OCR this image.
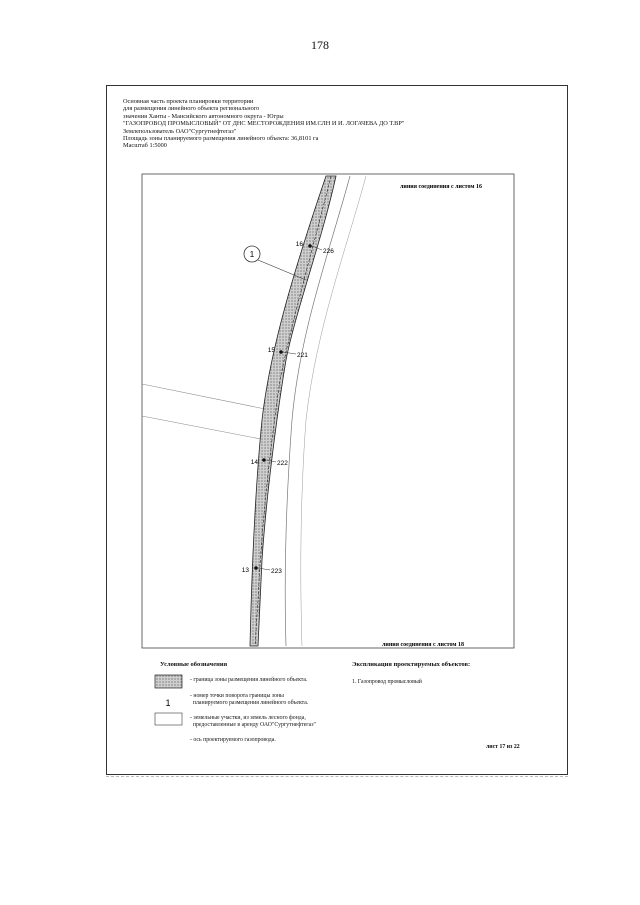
178
Основная часть проекта планировки территории
для размещения линейного объекта регионального
значения Ханты - Мансийского автономного округа - Югры
"ГАЗОПРОВОД ПРОМЫСЛОВЫЙ" ОТ ДНС МЕСТОРОЖДЕНИЯ ИМ.СЛН И И. ЛОГАЧЕВА ДО Т.ВР"
Землепользователь ОАО"Сургутнефтегаз"
Площадь зоны планируемого размещения линейного объекта: 36,8101 га
Масштаб 1:5000
1
16
226
15
221
14	222
13	223
линия соединения с листом 16
линия соединения с листом 18
1
Условные обозначения
- граница зоны размещения линейного объекта.
- номер точки поворота границы зоны
планируемого размещения линейного объекта.
- земельные участки, из земель лесного фонда,
предоставленные в аренду ОАО"Сургутнефтегаз"
- ось проектируемого газопровода.
Экспликация проектируемых объектов:
1. Газопровод промысловый
лист 17 из 22
